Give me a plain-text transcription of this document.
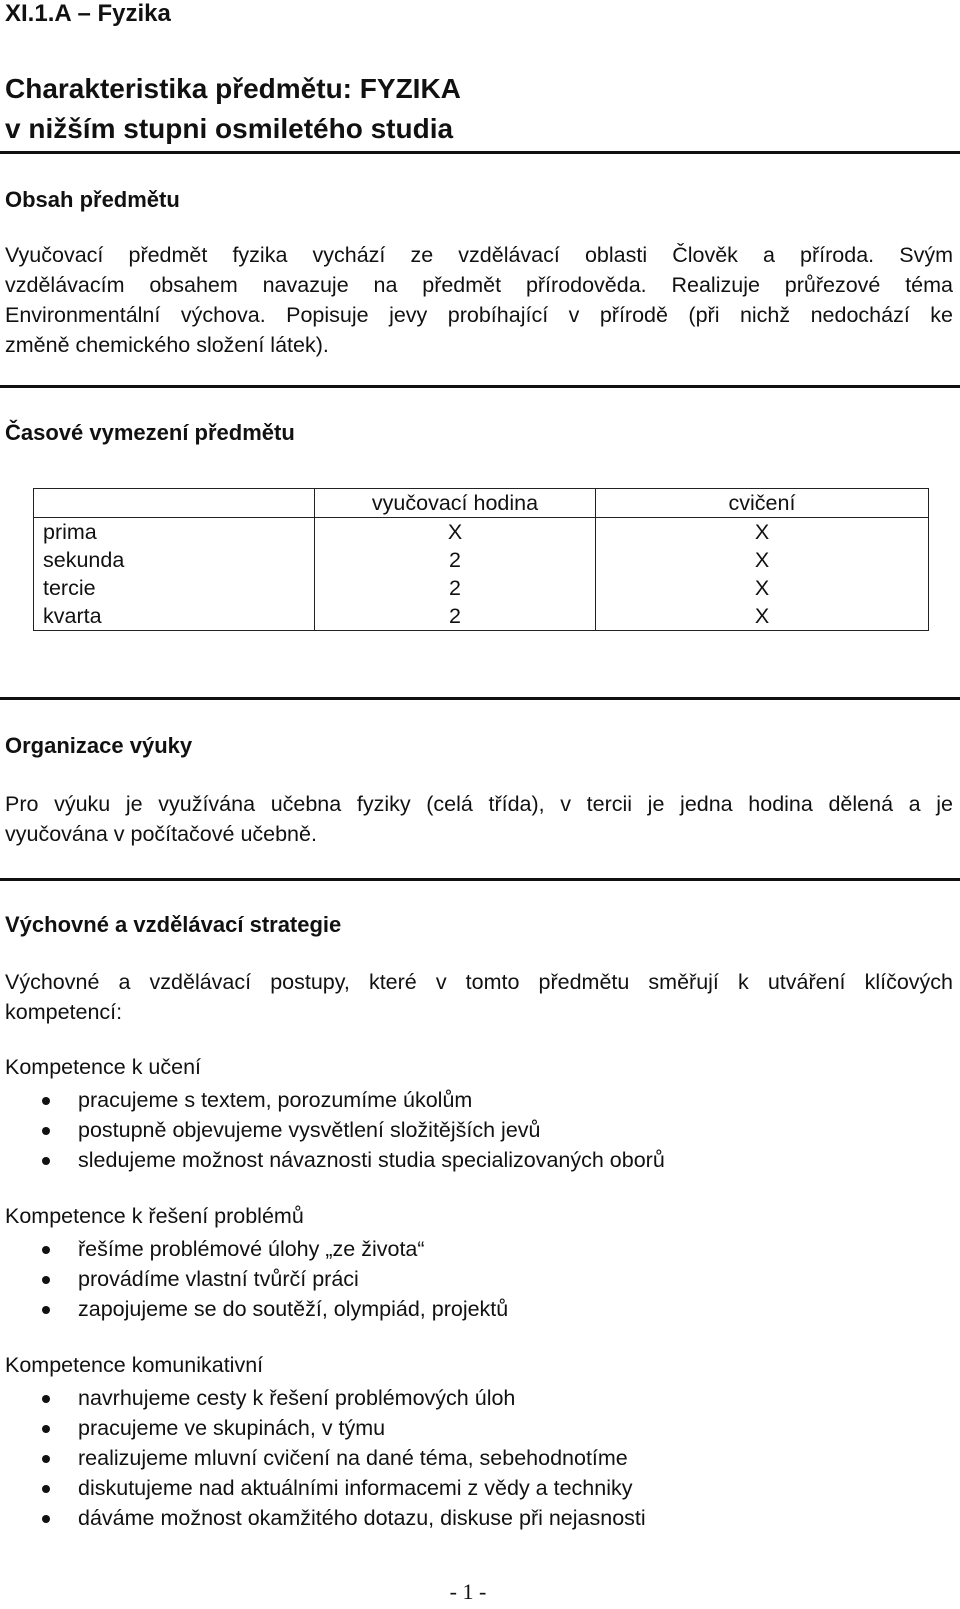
XI.1.A – Fyzika
Charakteristika předmětu: FYZIKA
v nižším stupni osmiletého studia
Obsah předmětu
Vyučovací předmět fyzika vychází ze vzdělávací oblasti Člověk a příroda. Svým
vzdělávacím obsahem navazuje na předmět přírodověda. Realizuje průřezové téma
Environmentální výchova. Popisuje jevy probíhající v přírodě (při nichž nedochází ke
změně chemického složení látek).
Časové vymezení předmětu
	vyučovací hodina	cvičení
prima	X	X
sekunda	2	X
tercie	2	X
kvarta	2	X
Organizace výuky
Pro výuku je využívána učebna fyziky (celá třída), v tercii je jedna hodina dělená a je
vyučována v počítačové učebně.
Výchovné a vzdělávací strategie
Výchovné a vzdělávací postupy, které v tomto předmětu směřují k utváření klíčových
kompetencí:
Kompetence k učení
pracujeme s textem, porozumíme úkolům
postupně objevujeme vysvětlení složitějších jevů
sledujeme možnost návaznosti studia specializovaných oborů
Kompetence k řešení problémů
řešíme problémové úlohy „ze života“
provádíme vlastní tvůrčí práci
zapojujeme se do soutěží, olympiád, projektů
Kompetence komunikativní
navrhujeme cesty k řešení problémových úloh
pracujeme ve skupinách, v týmu
realizujeme mluvní cvičení na dané téma, sebehodnotíme
diskutujeme nad aktuálními informacemi z vědy a techniky
dáváme možnost okamžitého dotazu, diskuse při nejasnosti
- 1 -
